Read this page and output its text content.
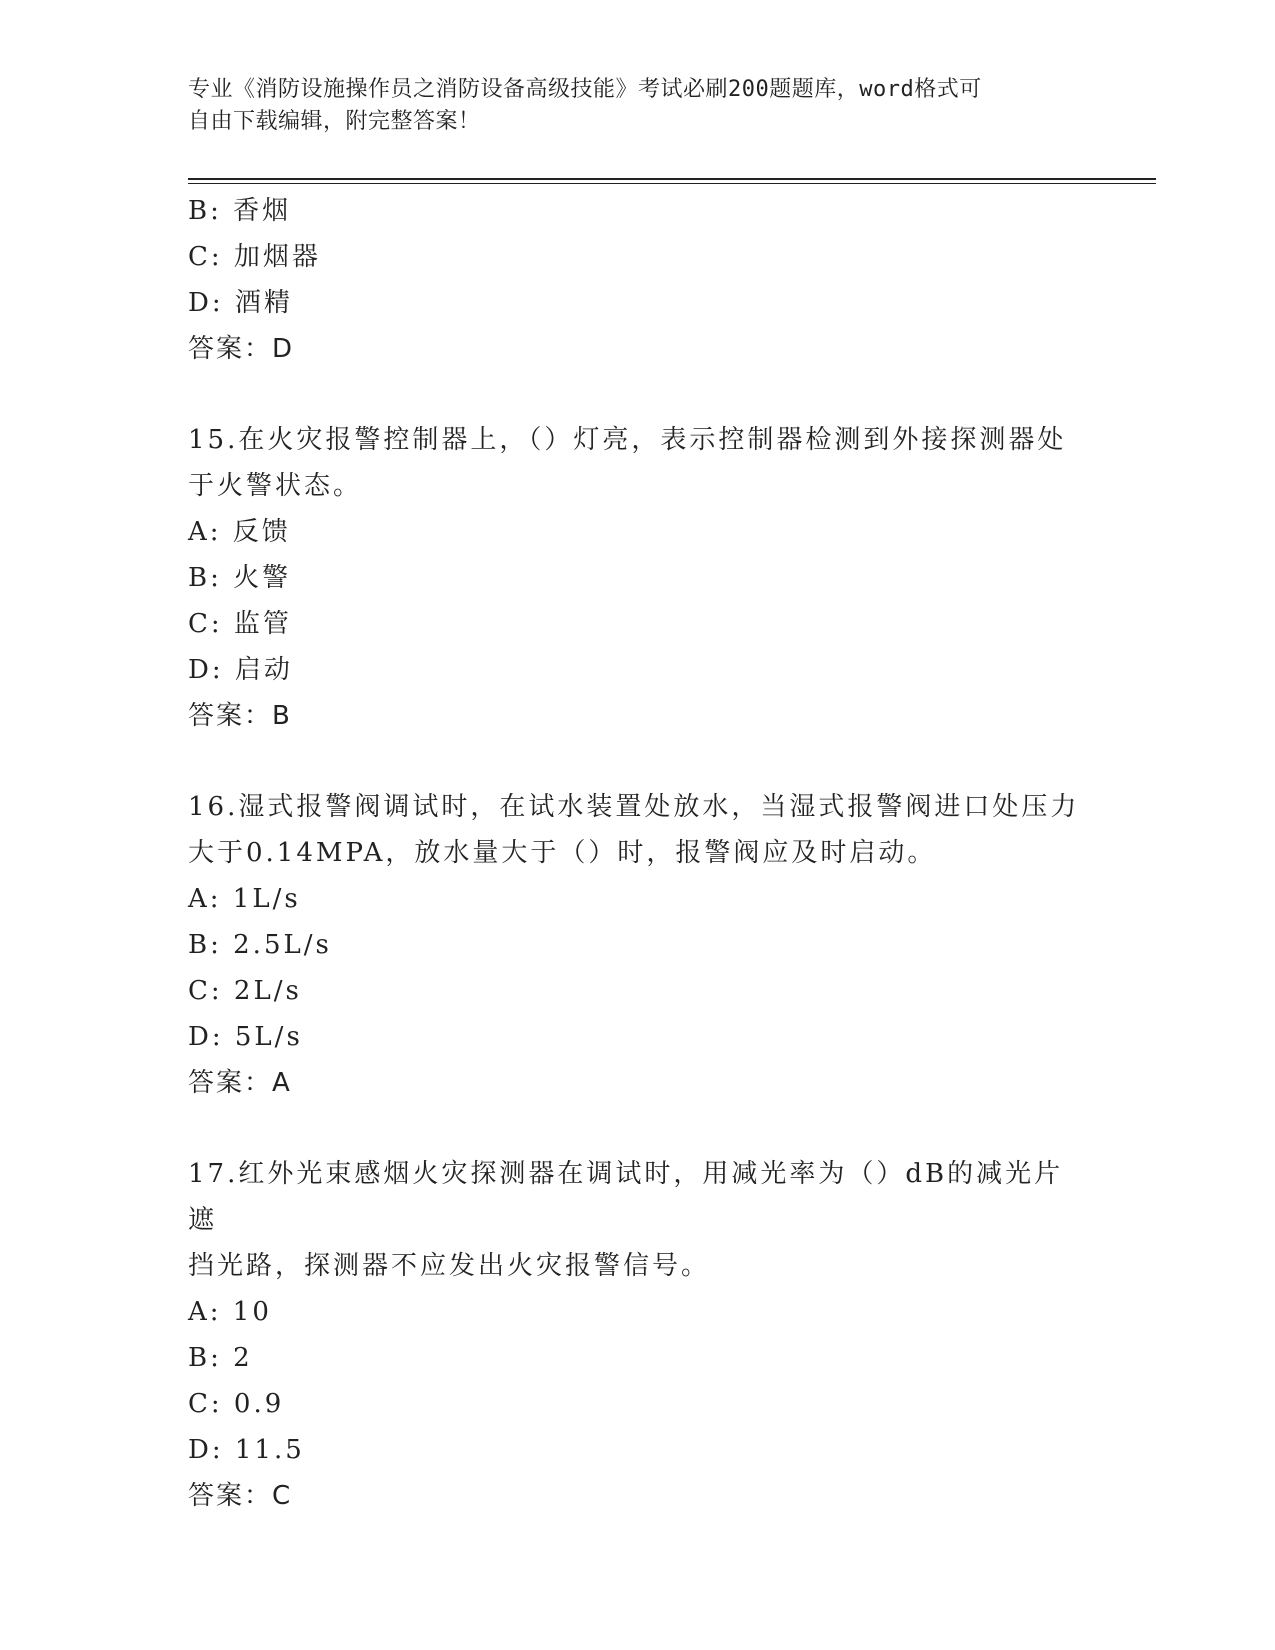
专业《消防设施操作员之消防设备高级技能》考试必刷200题题库，word格式可
自由下载编辑，附完整答案！
B: 香烟
C: 加烟器
D: 酒精
答案：D
15.在火灾报警控制器上，（）灯亮，表示控制器检测到外接探测器处
于火警状态。
A: 反馈
B: 火警
C: 监管
D: 启动
答案：B
16.湿式报警阀调试时，在试水装置处放水，当湿式报警阀进口处压力
大于0.14MPA，放水量大于（）时，报警阀应及时启动。
A: 1L/s
B: 2.5L/s
C: 2L/s
D: 5L/s
答案：A
17.红外光束感烟火灾探测器在调试时，用减光率为（）dB的减光片遮
挡光路，探测器不应发出火灾报警信号。
A: 10
B: 2
C: 0.9
D: 11.5
答案：C
